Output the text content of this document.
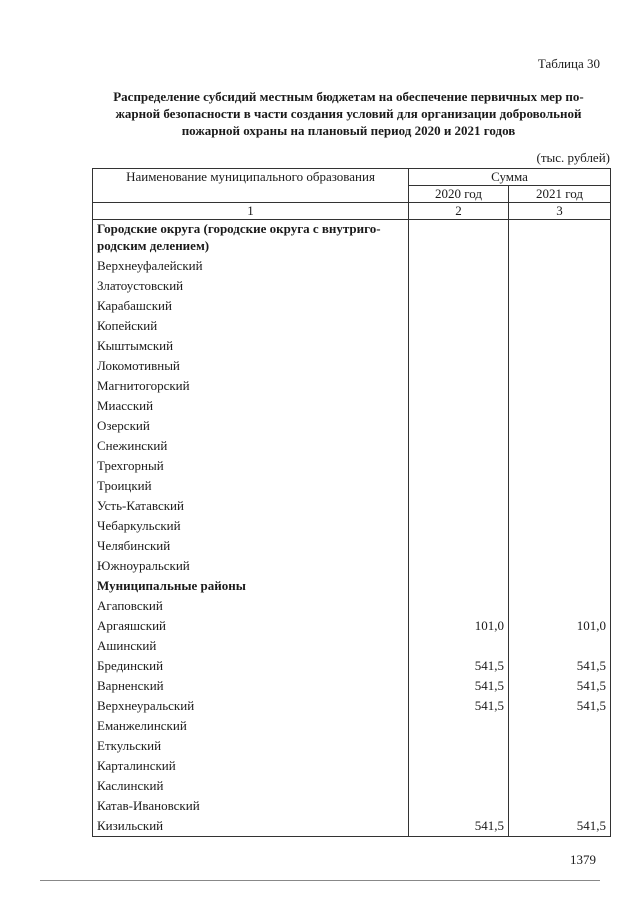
Таблица 30
Распределение субсидий местным бюджетам на обеспечение первичных мер по-жарной безопасности в части создания условий для организации добровольной пожарной охраны на плановый период 2020 и 2021 годов
(тыс. рублей)
Наименование муниципального образования	Сумма	
	2020 год	2021 год
1	2	3
Городские округа (городские округа с внутриго-родским делением)		
Верхнеуфалейский		
Златоустовский		
Карабашский		
Копейский		
Кыштымский		
Локомотивный		
Магнитогорский		
Миасский		
Озерский		
Снежинский		
Трехгорный		
Троицкий		
Усть-Катавский		
Чебаркульский		
Челябинский		
Южноуральский		
Муниципальные районы		
Агаповский		
Аргаяшский	101,0	101,0
Ашинский		
Брединский	541,5	541,5
Варненский	541,5	541,5
Верхнеуральский	541,5	541,5
Еманжелинский		
Еткульский		
Карталинский		
Каслинский		
Катав-Ивановский		
Кизильский	541,5	541,5
1379
